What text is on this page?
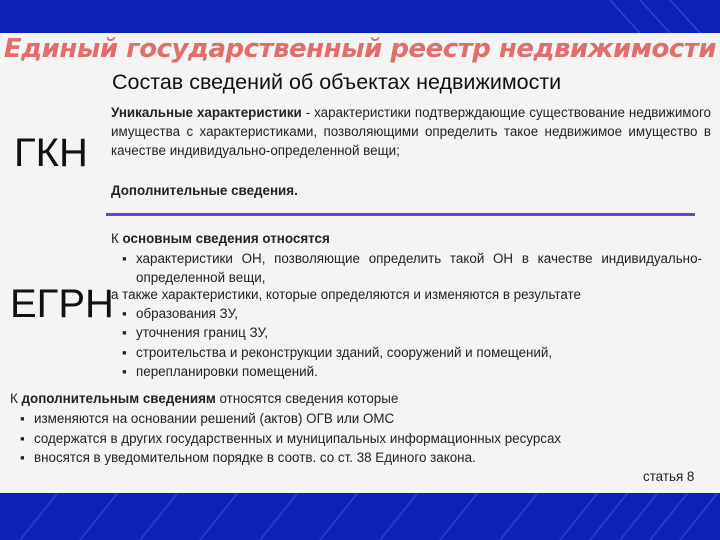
Единый государственный реестр недвижимости
Состав сведений об объектах недвижимости
ГКН
Уникальные характеристики - характеристики подтверждающие существование недвижимого имущества с характеристиками, позволяющими определить такое недвижимое имущество в качестве индивидуально-определенной вещи;
Дополнительные сведения.
ЕГРН
К основным сведения относятся
▪ характеристики ОН, позволяющие определить такой ОН в качестве индивидуально-определенной вещи,
а также характеристики, которые определяются и изменяются в результате
▪ образования ЗУ,
▪ уточнения границ ЗУ,
▪ строительства и реконструкции зданий, сооружений и помещений,
▪ перепланировки помещений.
К дополнительным сведениям относятся сведения которые
▪ изменяются на основании решений (актов) ОГВ или ОМС
▪ содержатся в других государственных и муниципальных информационных ресурсах
▪ вносятся в уведомительном порядке в соотв. со ст. 38 Единого закона.
статья 8
